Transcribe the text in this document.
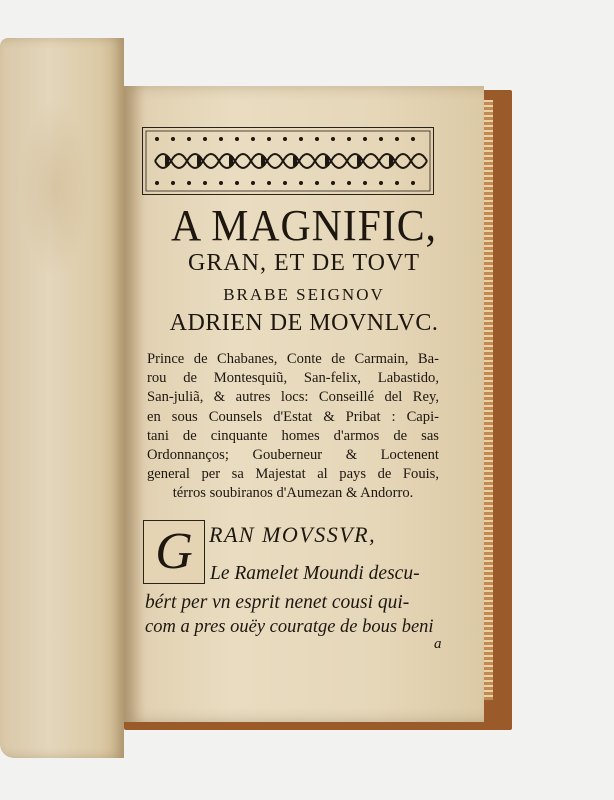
A MAGNIFIC,

GRAN, ET DE TOVT

BRABE SEIGNOV

ADRIEN DE MOVNLVC.

Prince de Chabanes, Conte de Carmain, Ba-
rou de Montesquiũ, San-felix, Labastido,
San-juliã, & autres locs: Conseillé del Rey,
en sous Counsels d'Estat & Pribat : Capi-
tani de cinquante homes d'armos de sas
Ordonnanços; Gouberneur & Loctenent
general per sa Majestat al pays de Fouis,
térros soubiranos d'Aumezan & Andorro.
G RAN MOVSSVR,

Le Ramelet Moundi descu-

bért per vn esprit nenet cousi qui-

com a pres ouëy couratge de bous beni

a
